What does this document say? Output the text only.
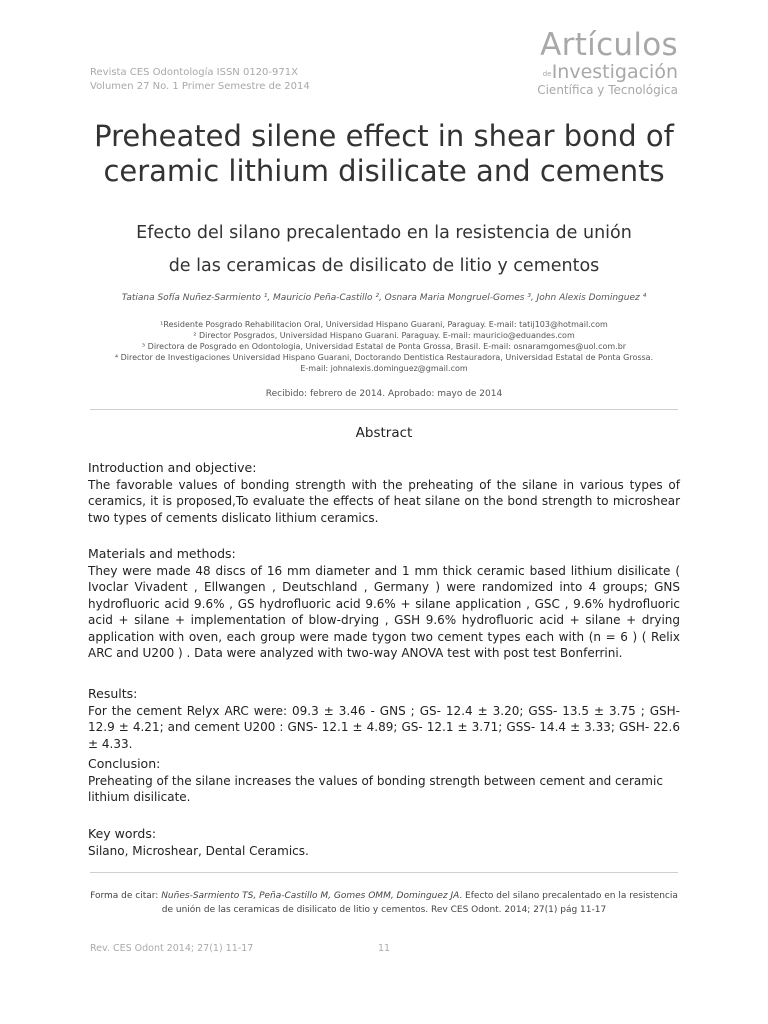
Revista CES Odontología ISSN 0120-971X
Volumen 27 No. 1 Primer Semestre de 2014
Artículos
deInvestigación
Científica y Tecnológica
Preheated silene effect in shear bond of
ceramic lithium disilicate and cements
Efecto del silano precalentado en la resistencia de unión
de las ceramicas de disilicato de litio y cementos
Tatiana Sofía Nuñez-Sarmiento ¹, Mauricio Peña-Castillo ², Osnara Maria Mongruel-Gomes ³, John Alexis Dominguez ⁴
¹Residente Posgrado Rehabilitacion Oral, Universidad Hispano Guarani, Paraguay. E-mail: tatij103@hotmail.com
² Director Posgrados, Universidad Hispano Guarani. Paraguay. E-mail: mauricio@eduandes.com
³ Directora de Posgrado en Odontologia, Universidad Estatal de Ponta Grossa, Brasil. E-mail: osnaramgomes@uol.com.br
⁴ Director de Investigaciones Universidad Hispano Guarani, Doctorando Dentistica Restauradora, Universidad Estatal de Ponta Grossa.
E-mail: johnalexis.dominguez@gmail.com
Recibido: febrero de 2014. Aprobado: mayo de 2014
Abstract
Introduction and objective:
The favorable values of bonding strength with the preheating of the silane in various types of ceramics, it is proposed,To evaluate the effects of heat silane on the bond strength to microshear two types of cements dislicato lithium ceramics.
Materials and methods:
They were made 48 discs of 16 mm diameter and 1 mm thick ceramic based lithium disilicate ( Ivoclar Vivadent , Ellwangen , Deutschland , Germany ) were randomized into 4 groups; GNS hydrofluoric acid 9.6% , GS hydrofluoric acid 9.6% + silane application , GSC , 9.6% hydrofluoric acid + silane + implementation of blow-drying , GSH 9.6% hydrofluoric acid + silane + drying application with oven, each group were made tygon two cement types each with (n = 6 ) ( Relix ARC and U200 ) . Data were analyzed with two-way ANOVA test with post test Bonferrini.
Results:
For the cement Relyx ARC were: 09.3 ± 3.46 - GNS ; GS- 12.4 ± 3.20; GSS- 13.5 ± 3.75 ; GSH- 12.9 ± 4.21; and cement U200 : GNS- 12.1 ± 4.89; GS- 12.1 ± 3.71; GSS- 14.4 ± 3.33; GSH- 22.6 ± 4.33.
Conclusion:
Preheating of the silane increases the values of bonding strength between cement and ceramic lithium disilicate.
Key words:
Silano, Microshear, Dental Ceramics.
Forma de citar: Nuñes-Sarmiento TS, Peña-Castillo M, Gomes OMM, Dominguez JA. Efecto del silano precalentado en la resistencia de unión de las ceramicas de disilicato de litio y cementos. Rev CES Odont. 2014; 27(1) pág 11-17
Rev. CES Odont 2014; 27(1) 11-17	11
